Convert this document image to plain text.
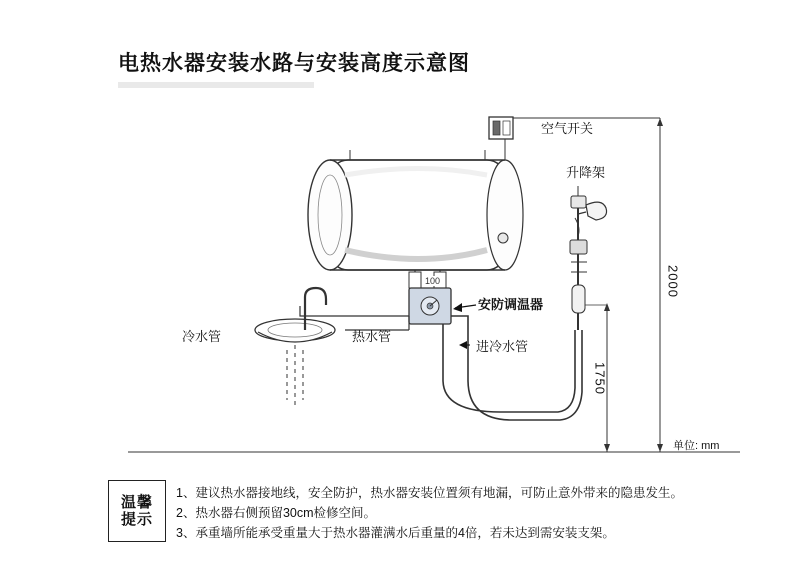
电热水器安装水路与安装高度示意图
空气开关
升降架
安防调温器
冷水管	热水管
进冷水管
2000
1750
单位: mm
100
温馨
提示
1、建议热水器接地线，安全防护，热水器安装位置须有地漏，可防止意外带来的隐患发生。
2、热水器右侧预留30cm检修空间。
3、承重墙所能承受重量大于热水器灌满水后重量的4倍，若未达到需安装支架。
